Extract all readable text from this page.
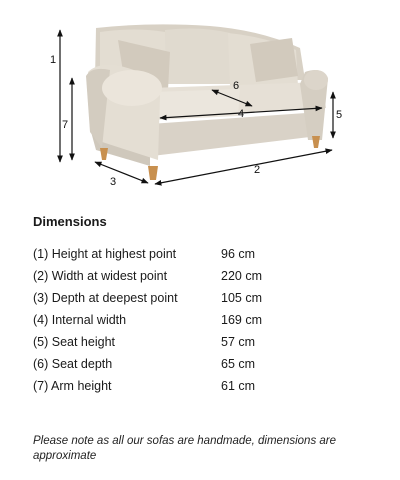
1
2
3
4	5
6
7
Dimensions
(1) Height at highest point	96 cm
(2) Width at widest point	220 cm
(3) Depth at deepest point	105 cm
(4) Internal width	169 cm
(5) Seat height	57 cm
(6) Seat depth	65 cm
(7) Arm height	61 cm

Please note as all our sofas are handmade, dimensions are approximate
